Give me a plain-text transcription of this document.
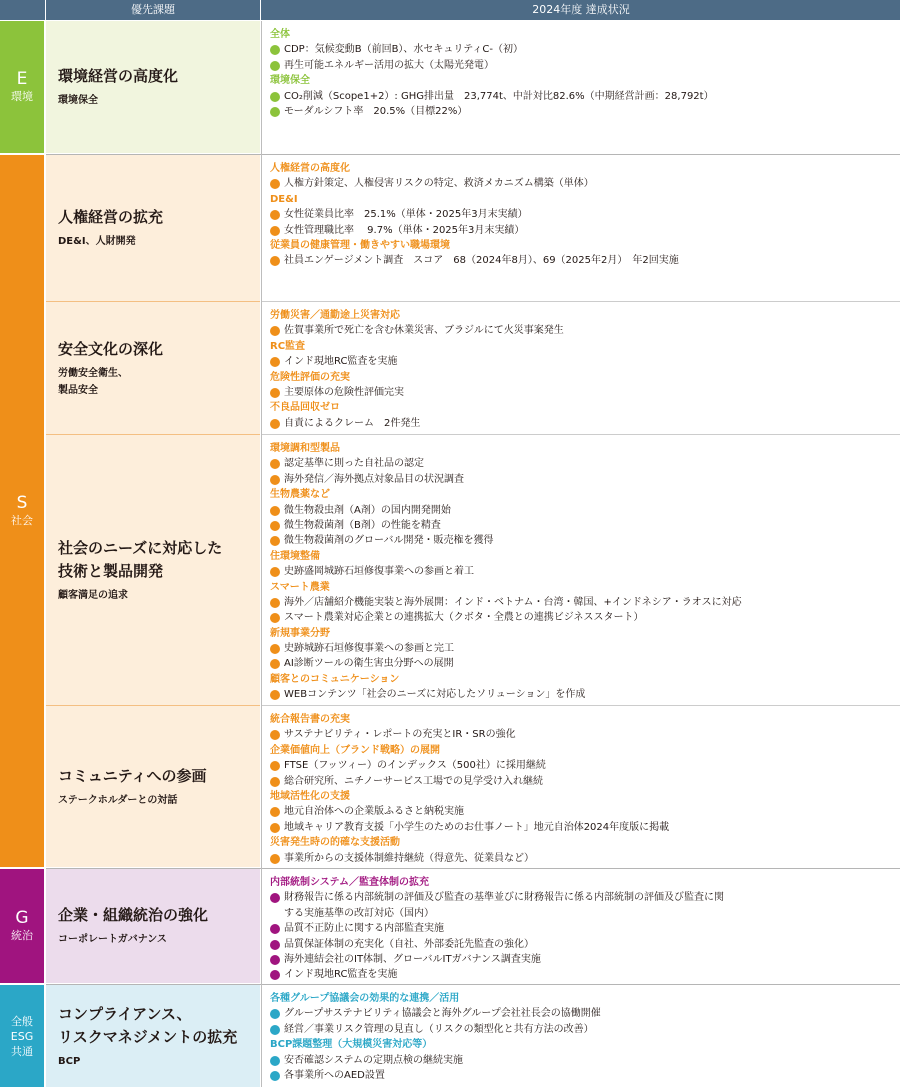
優先課題	2024年度 達成状況
E
環境
S
社会
G
統治
全般
ESG
共通
環境経営の高度化
環境保全
全体
CDP：気候変動B（前回B）、水セキュリティC-（初）
再生可能エネルギー活用の拡大（太陽光発電）
環境保全
CO₂削減（Scope1+2）: GHG排出量　23,774t、中計対比82.6%（中期経営計画：28,792t）
モーダルシフト率　20.5%（目標22%）
人権経営の拡充
DE&I、人財開発
人権経営の高度化
人権方針策定、人権侵害リスクの特定、救済メカニズム構築（単体）
DE&I
女性従業員比率　25.1%（単体・2025年3月末実績）
女性管理職比率　 9.7%（単体・2025年3月末実績）
従業員の健康管理・働きやすい職場環境
社員エンゲージメント調査　スコア　68（2024年8月）、69（2025年2月）　年2回実施
安全文化の深化
労働安全衛生、
製品安全
労働災害／通勤途上災害対応
佐賀事業所で死亡を含む休業災害、ブラジルにて火災事案発生
RC監査
インド現地RC監査を実施
危険性評価の充実
主要原体の危険性評価完実
不良品回収ゼロ
自責によるクレーム　2件発生
社会のニーズに対応した
技術と製品開発
顧客満足の追求
環境調和型製品
認定基準に則った自社品の認定
海外発信／海外拠点対象品目の状況調査
生物農薬など
微生物殺虫剤（A剤）の国内開発開始
微生物殺菌剤（B剤）の性能を精査
微生物殺菌剤のグローバル開発・販売権を獲得
住環境整備
史跡盛岡城跡石垣修復事業への参画と着工
スマート農業
海外／店舗紹介機能実装と海外展開：インド・ベトナム・台湾・韓国、+インドネシア・ラオスに対応
スマート農業対応企業との連携拡大（クボタ・全農との連携ビジネススタート）
新規事業分野
史跡城跡石垣修復事業への参画と完工
AI診断ツールの衛生害虫分野への展開
顧客とのコミュニケーション
WEBコンテンツ「社会のニーズに対応したソリューション」を作成
コミュニティへの参画
ステークホルダーとの対話
統合報告書の充実
サステナビリティ・レポートの充実とIR・SRの強化
企業価値向上（ブランド戦略）の展開
FTSE（フッツィー）のインデックス（500社）に採用継続
総合研究所、ニチノーサービス工場での見学受け入れ継続
地域活性化の支援
地元自治体への企業版ふるさと納税実施
地域キャリア教育支援「小学生のためのお仕事ノート」地元自治体2024年度版に掲載
災害発生時の的確な支援活動
事業所からの支援体制維持継続（得意先、従業員など）
企業・組織統治の強化
コーポレートガバナンス
内部統制システム／監査体制の拡充
財務報告に係る内部統制の評価及び監査の基準並びに財務報告に係る内部統制の評価及び監査に関
する実施基準の改訂対応（国内）
品質不正防止に関する内部監査実施
品質保証体制の充実化（自社、外部委託先監査の強化）
海外連結会社のIT体制、グローバルITガバナンス調査実施
インド現地RC監査を実施
コンプライアンス、
リスクマネジメントの拡充
BCP
各種グループ協議会の効果的な連携／活用
グループサステナビリティ協議会と海外グループ会社社長会の協働開催
経営／事業リスク管理の見直し（リスクの類型化と共有方法の改善）
BCP課題整理（大規模災害対応等）
安否確認システムの定期点検の継続実施
各事業所へのAED設置
